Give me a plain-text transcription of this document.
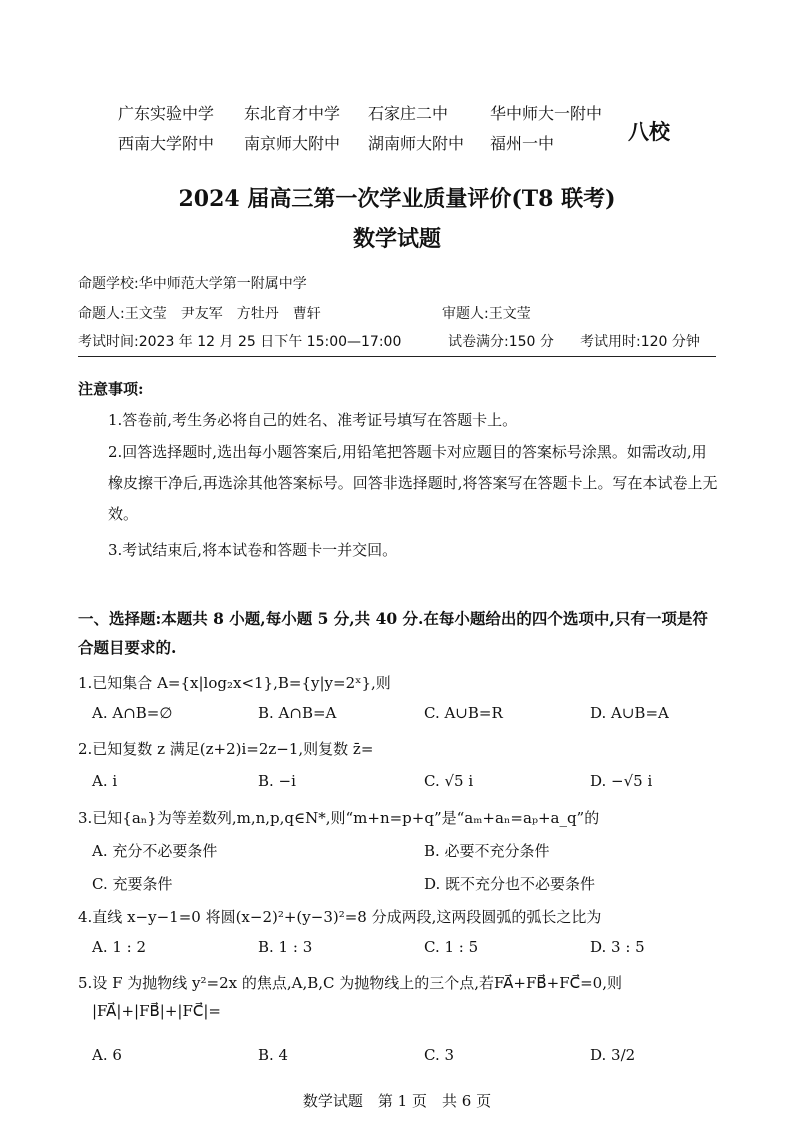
广东实验中学 东北育才中学 石家庄二中	华中师大一附中
西南大学附中 南京师大附中 湖南师大附中 福州一中	八校
2024 届高三第一次学业质量评价(T8 联考)
数学试题
命题学校:华中师范大学第一附属中学
命题人:王文莹　尹友军　方牡丹　曹轩	审题人:王文莹
考试时间:2023 年 12 月 25 日下午 15:00—17:00	试卷满分:150 分 考试用时:120 分钟
注意事项:
1.答卷前,考生务必将自己的姓名、准考证号填写在答题卡上。
2.回答选择题时,选出每小题答案后,用铅笔把答题卡对应题目的答案标号涂黑。如需改动,用橡皮擦干净后,再选涂其他答案标号。回答非选择题时,将答案写在答题卡上。写在本试卷上无效。
3.考试结束后,将本试卷和答题卡一并交回。
一、选择题:本题共 8 小题,每小题 5 分,共 40 分.在每小题给出的四个选项中,只有一项是符合题目要求的.
1.已知集合 A={x|log₂x<1},B={y|y=2ˣ},则
A. A∩B=∅	B. A∩B=A	C. A∪B=R	D. A∪B=A
2.已知复数 z 满足(z+2)i=2z−1,则复数 z̄=
A. i	B. −i	C. √5 i	D. −√5 i
3.已知{aₙ}为等差数列,m,n,p,q∈N*,则“m+n=p+q”是“aₘ+aₙ=aₚ+a_q”的
A. 充分不必要条件	B. 必要不充分条件
C. 充要条件	D. 既不充分也不必要条件
4.直线 x−y−1=0 将圆(x−2)²+(y−3)²=8 分成两段,这两段圆弧的弧长之比为
A. 1 : 2	B. 1 : 3	C. 1 : 5	D. 3 : 5
5.设 F 为抛物线 y²=2x 的焦点,A,B,C 为抛物线上的三个点,若FA⃗+FB⃗+FC⃗=0,则
|FA⃗|+|FB⃗|+|FC⃗|=
A. 6	B. 4	C. 3	D. 3/2
数学试题　第 1 页　共 6 页
